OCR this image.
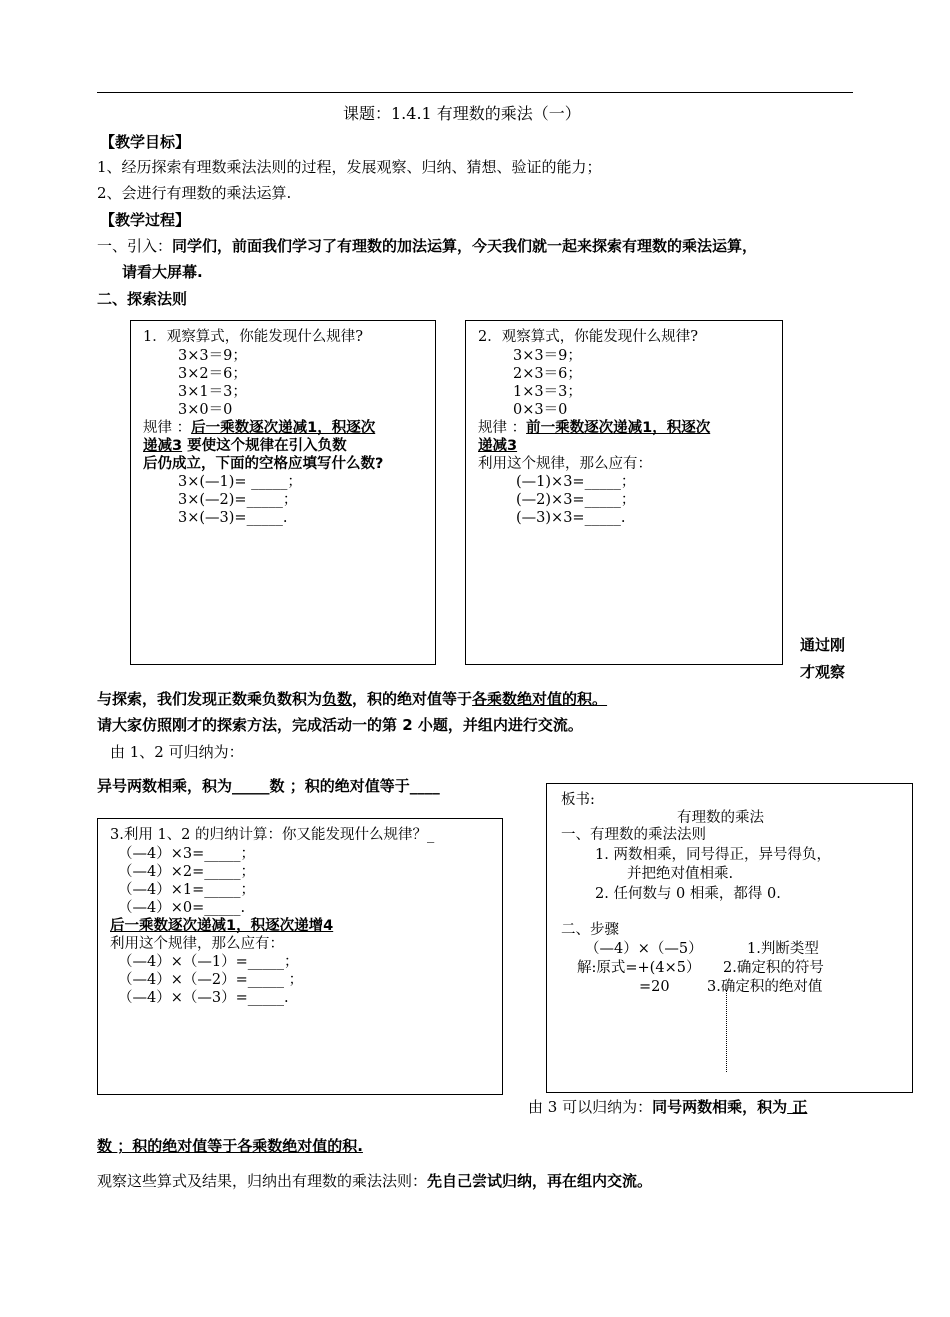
课题：1.4.1 有理数的乘法（一）
【教学目标】
1、经历探索有理数乘法法则的过程，发展观察、归纳、猜想、验证的能力；
2、会进行有理数的乘法运算.
【教学过程】
一、引入：同学们，前面我们学习了有理数的加法运算，今天我们就一起来探索有理数的乘法运算，
请看大屏幕.
二、探索法则
1．观察算式，你能发现什么规律?
3×3＝9；
3×2＝6；
3×1＝3；
3×0＝0
规律 ：后一乘数逐次递减1，积逐次
递减3 要使这个规律在引入负数
后仍成立，下面的空格应填写什么数?
3×(—1)= _____；
3×(—2)=_____；
3×(—3)=_____.
2．观察算式，你能发现什么规律?
3×3＝9；
2×3＝6；
1×3＝3；
0×3＝0
规律 ：前一乘数逐次递减1，积逐次
递减3
利用这个规律，那么应有：
(—1)×3=_____；
(—2)×3=_____；
(—3)×3=_____.
通过刚
才观察
与探索，我们发现正数乘负数积为负数，积的绝对值等于各乘数绝对值的积。
请大家仿照刚才的探索方法，完成活动一的第 2 小题，并组内进行交流。
由 1、2 可归纳为：
异号两数相乘，积为_____数 ；积的绝对值等于____
3.利用 1、2 的归纳计算：你又能发现什么规律？_
（—4）×3=_____；
（—4）×2=_____；
（—4）×1=_____；
（—4）×0=_____.
后一乘数逐次递减1，积逐次递增4
利用这个规律，那么应有：
（—4）×（—1）=_____；
（—4）×（—2）=_____ ；
（—4）×（—3）=_____.
板书:
有理数的乘法
一、有理数的乘法法则
1. 两数相乘，同号得正，异号得负，
并把绝对值相乘.
2. 任何数与 0 相乘，都得 0.
二、步骤
（—4）×（—5）	1.判断类型
解:原式=+(4×5） 2.确定积的符号
=20	3.确定积的绝对值
由 3 可以归纳为：同号两数相乘，积为 正
数 ；积的绝对值等于各乘数绝对值的积.
观察这些算式及结果，归纳出有理数的乘法法则：先自己尝试归纳，再在组内交流。
